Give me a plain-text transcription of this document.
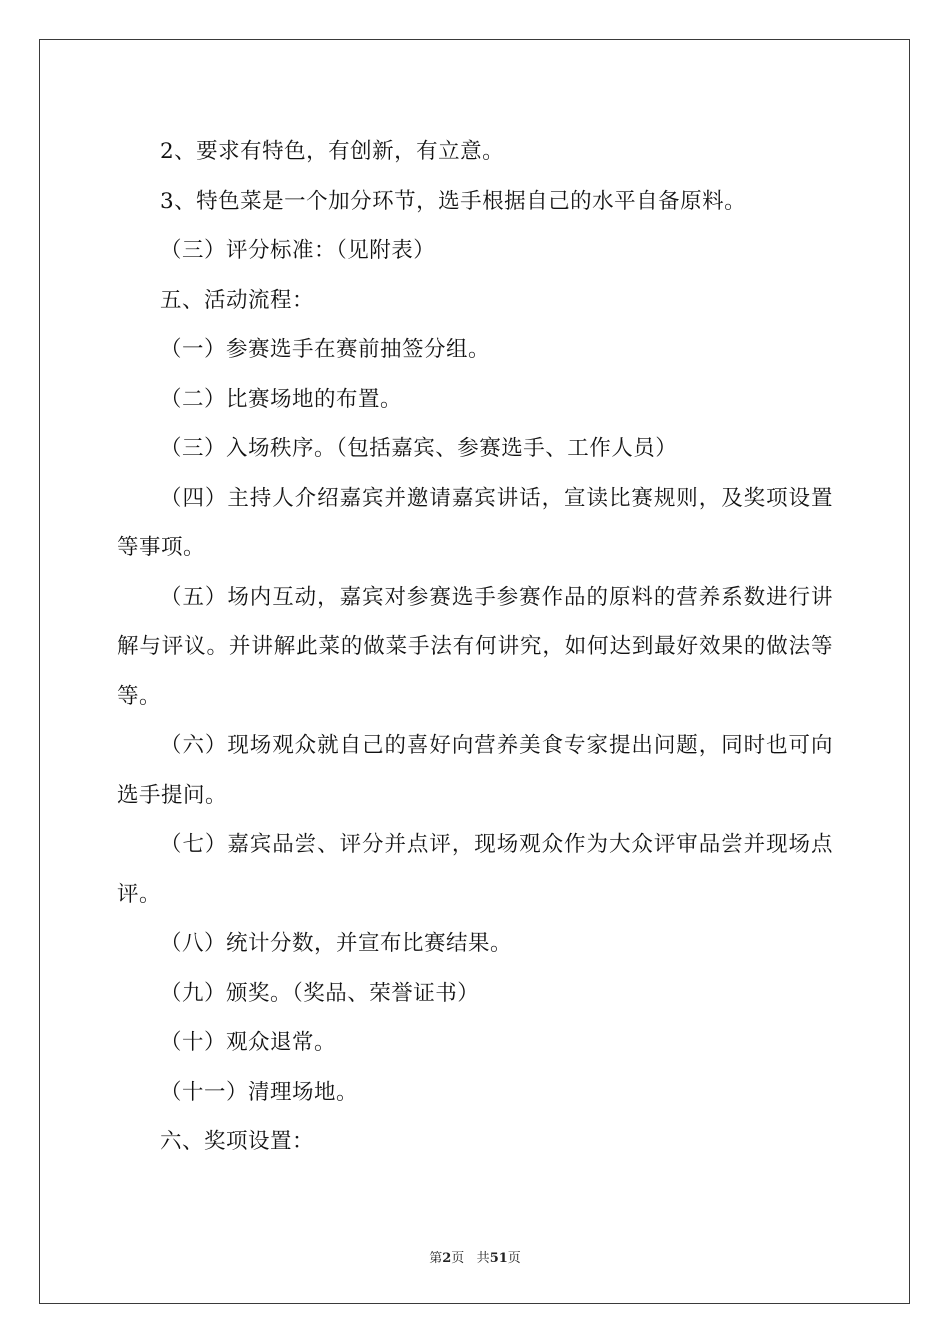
2、要求有特色，有创新，有立意。

3、特色菜是一个加分环节，选手根据自己的水平自备原料。

（三）评分标准：（见附表）

五、活动流程：

（一）参赛选手在赛前抽签分组。

（二）比赛场地的布置。

（三）入场秩序。（包括嘉宾、参赛选手、工作人员）

（四）主持人介绍嘉宾并邀请嘉宾讲话，宣读比赛规则，及奖项设置等事项。

（五）场内互动，嘉宾对参赛选手参赛作品的原料的营养系数进行讲解与评议。并讲解此菜的做菜手法有何讲究，如何达到最好效果的做法等等。

（六）现场观众就自己的喜好向营养美食专家提出问题，同时也可向选手提问。

（七）嘉宾品尝、评分并点评，现场观众作为大众评审品尝并现场点评。

（八）统计分数，并宣布比赛结果。

（九）颁奖。（奖品、荣誉证书）

（十）观众退常。

（十一）清理场地。

六、奖项设置：

第2页 共51页
